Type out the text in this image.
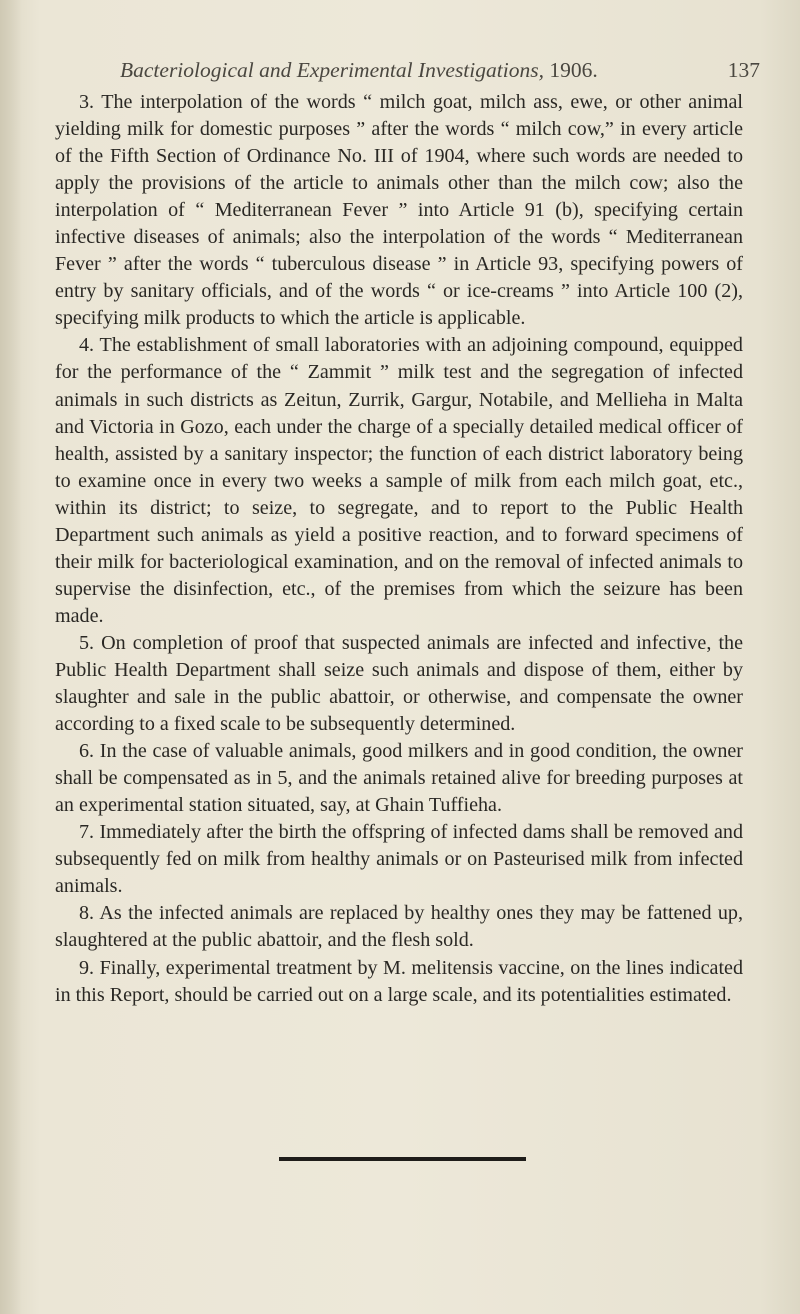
Bacteriological and Experimental Investigations, 1906.	137

3. The interpolation of the words “ milch goat, milch ass, ewe, or other animal yielding milk for domestic purposes ” after the words “ milch cow,” in every article of the Fifth Section of Ordinance No. III of 1904, where such words are needed to apply the provisions of the article to animals other than the milch cow; also the interpolation of “ Mediterranean Fever ” into Article 91 (b), specifying certain infective diseases of animals; also the interpolation of the words “ Mediterranean Fever ” after the words “ tuberculous disease ” in Article 93, specifying powers of entry by sanitary officials, and of the words “ or ice-creams ” into Article 100 (2), specifying milk products to which the article is applicable.

4. The establishment of small laboratories with an adjoining compound, equipped for the performance of the “ Zammit ” milk test and the segregation of infected animals in such districts as Zeitun, Zurrik, Gargur, Notabile, and Mellieha in Malta and Victoria in Gozo, each under the charge of a specially detailed medical officer of health, assisted by a sanitary inspector; the function of each district laboratory being to examine once in every two weeks a sample of milk from each milch goat, etc., within its district; to seize, to segregate, and to report to the Public Health Department such animals as yield a positive reaction, and to forward specimens of their milk for bacteriological examination, and on the removal of infected animals to supervise the disinfection, etc., of the premises from which the seizure has been made.

5. On completion of proof that suspected animals are infected and infective, the Public Health Department shall seize such animals and dispose of them, either by slaughter and sale in the public abattoir, or otherwise, and compensate the owner according to a fixed scale to be subsequently determined.

6. In the case of valuable animals, good milkers and in good condition, the owner shall be compensated as in 5, and the animals retained alive for breeding purposes at an experimental station situated, say, at Ghain Tuffieha.

7. Immediately after the birth the offspring of infected dams shall be removed and subsequently fed on milk from healthy animals or on Pasteurised milk from infected animals.

8. As the infected animals are replaced by healthy ones they may be fattened up, slaughtered at the public abattoir, and the flesh sold.

9. Finally, experimental treatment by M. melitensis vaccine, on the lines indicated in this Report, should be carried out on a large scale, and its potentialities estimated.
